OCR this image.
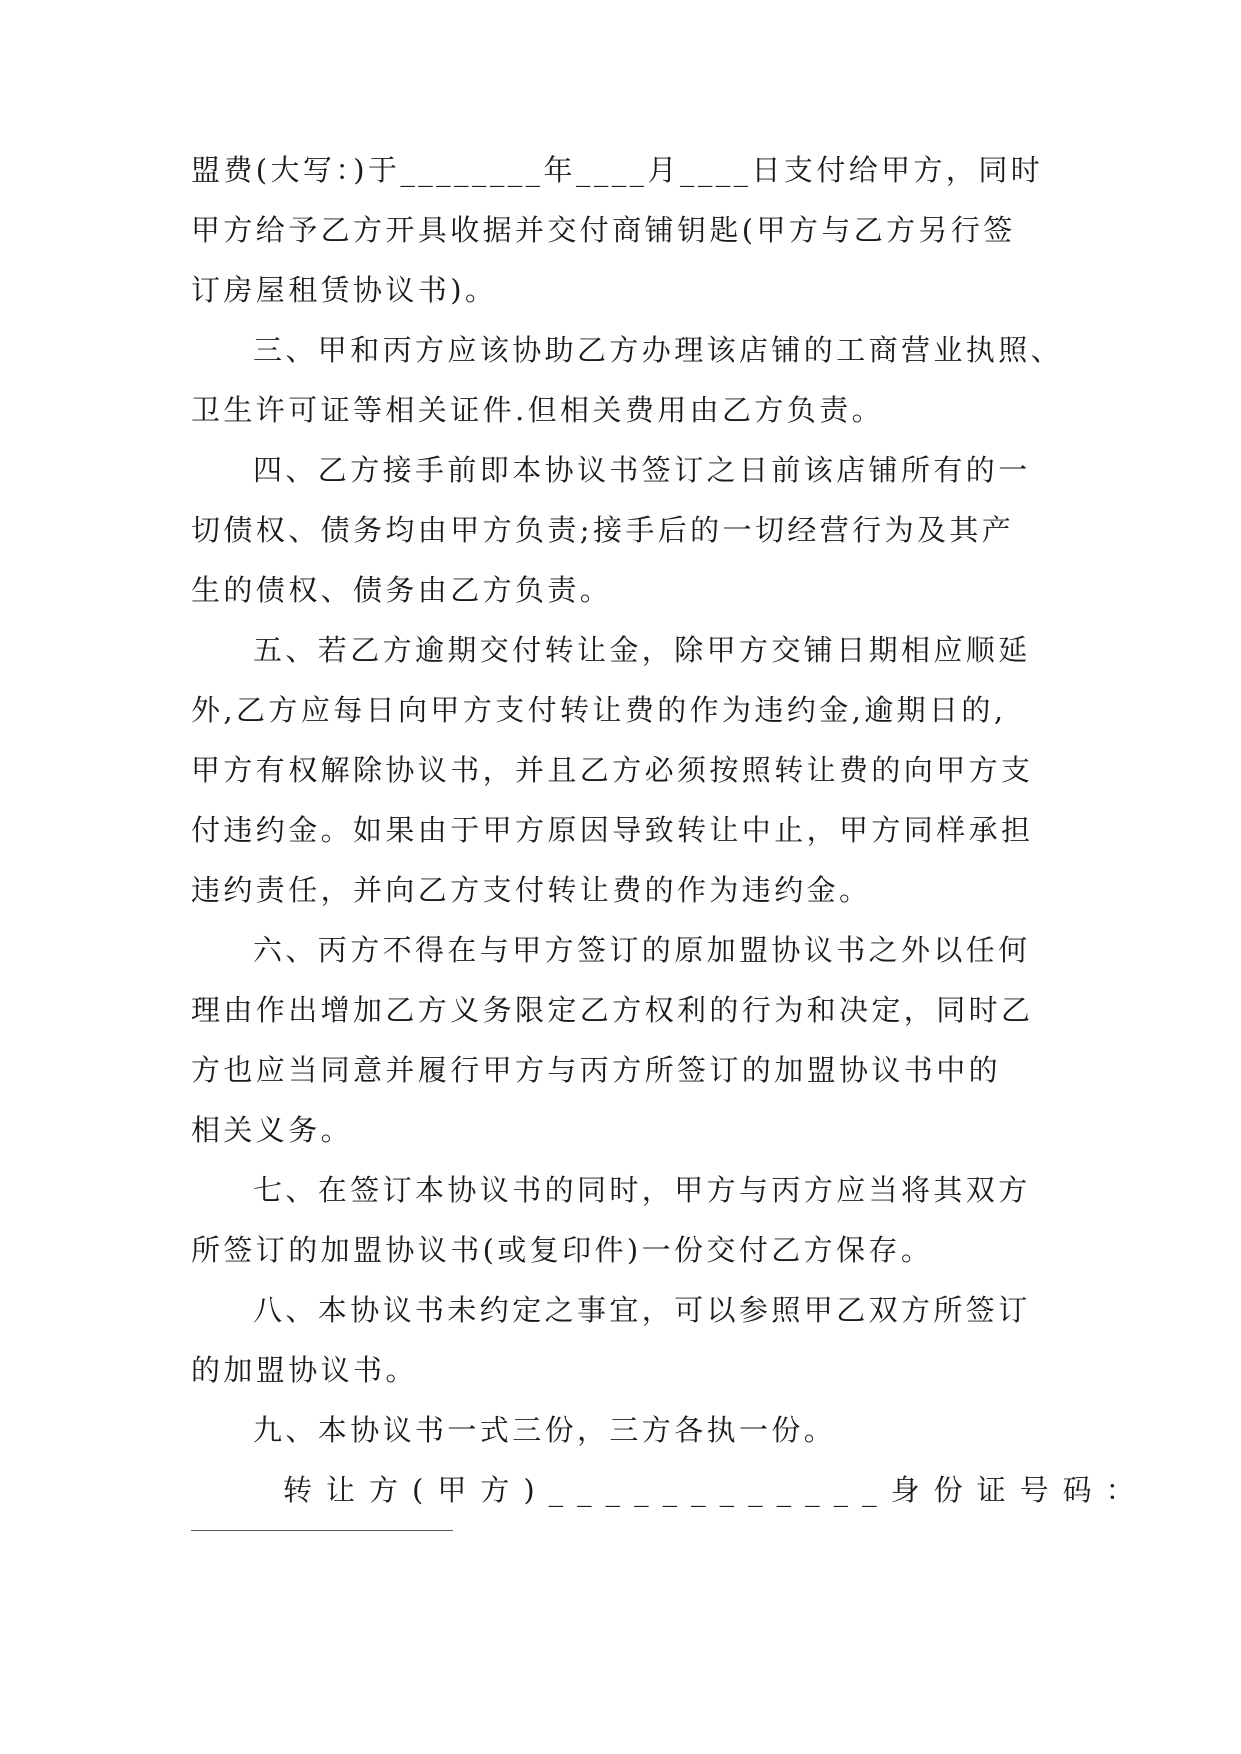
盟费(大写：)于________年____月____日支付给甲方，同时
甲方给予乙方开具收据并交付商铺钥匙(甲方与乙方另行签
订房屋租赁协议书)。
三、甲和丙方应该协助乙方办理该店铺的工商营业执照、
卫生许可证等相关证件.但相关费用由乙方负责。
四、乙方接手前即本协议书签订之日前该店铺所有的一
切债权、债务均由甲方负责;接手后的一切经营行为及其产
生的债权、债务由乙方负责。
五、若乙方逾期交付转让金，除甲方交铺日期相应顺延
外,乙方应每日向甲方支付转让费的作为违约金,逾期日的,
甲方有权解除协议书，并且乙方必须按照转让费的向甲方支
付违约金。如果由于甲方原因导致转让中止，甲方同样承担
违约责任，并向乙方支付转让费的作为违约金。
六、丙方不得在与甲方签订的原加盟协议书之外以任何
理由作出增加乙方义务限定乙方权利的行为和决定，同时乙
方也应当同意并履行甲方与丙方所签订的加盟协议书中的
相关义务。
七、在签订本协议书的同时，甲方与丙方应当将其双方
所签订的加盟协议书(或复印件)一份交付乙方保存。
八、本协议书未约定之事宜，可以参照甲乙双方所签订
的加盟协议书。
九、本协议书一式三份，三方各执一份。
转让方(甲方)____________身份证号码：
